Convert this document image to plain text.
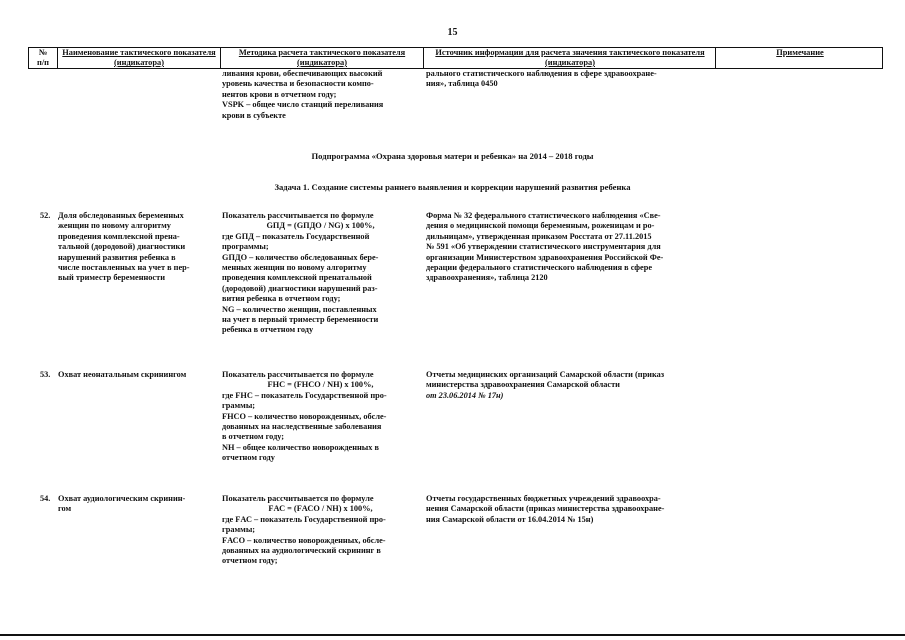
15
№
п/п
Наименование тактического показателя (индикатора)
Методика расчета тактического показателя (индикатора)
Источник информации для расчета значения тактического показателя (индикатора)
Примечание
ливания крови, обеспечивающих высокий
уровень качества и безопасности компо-
нентов крови в отчетном году;
VSPK – общее число станций переливания
крови в субъекте
рального статистического наблюдения в сфере здравоохране-
ния», таблица 0450
Подпрограмма «Охрана здоровья матери и ребенка» на 2014 – 2018 годы
Задача 1. Создание системы раннего выявления и коррекции нарушений развития ребенка
52. Доля обследованных беременных
женщин по новому алгоритму
проведения комплексной прена-
тальной (дородовой) диагностики
нарушений развития ребенка в
числе поставленных на учет в пер-
вый триместр беременности
Показатель рассчитывается по формуле
GПД = (GПДО / NG) x 100%,
где GПД – показатель Государственной
программы;
GПДО – количество обследованных бере-
менных женщин по новому алгоритму
проведения комплексной пренатальной
(дородовой) диагностики нарушений раз-
вития ребенка в отчетном году;
NG – количество женщин, поставленных
на учет в первый триместр беременности
ребенка в отчетном году
Форма № 32 федерального статистического наблюдения «Све-
дения о медицинской помощи беременным, роженицам и ро-
дильницам», утвержденная приказом Росстата от 27.11.2015
№ 591 «Об утверждении статистического инструментария для
организации Министерством здравоохранения Российской Фе-
дерации федерального статистического наблюдения в сфере
здравоохранения», таблица 2120
53. Охват неонатальным скринингом	Показатель рассчитывается по формуле
FНС = (FНСО / NН) x 100%,
где FНС – показатель Государственной про-
граммы;
FНСО – количество новорожденных, обсле-
дованных на наследственные заболевания
в отчетном году;
NН – общее количество новорожденных в
отчетном году
Отчеты медицинских организаций Самарской области (приказ
министерства здравоохранения Самарской области
от 23.06.2014 № 17н)
54. Охват аудиологическим скринин-
гом
Показатель рассчитывается по формуле
FАС = (FАСО / NН) x 100%,
где FАС – показатель Государственной про-
граммы;
FАСО – количество новорожденных, обсле-
дованных на аудиологический скрининг в
отчетном году;
Отчеты государственных бюджетных учреждений здравоохра-
нения Самарской области (приказ министерства здравоохране-
ния Самарской области от 16.04.2014 № 15н)
